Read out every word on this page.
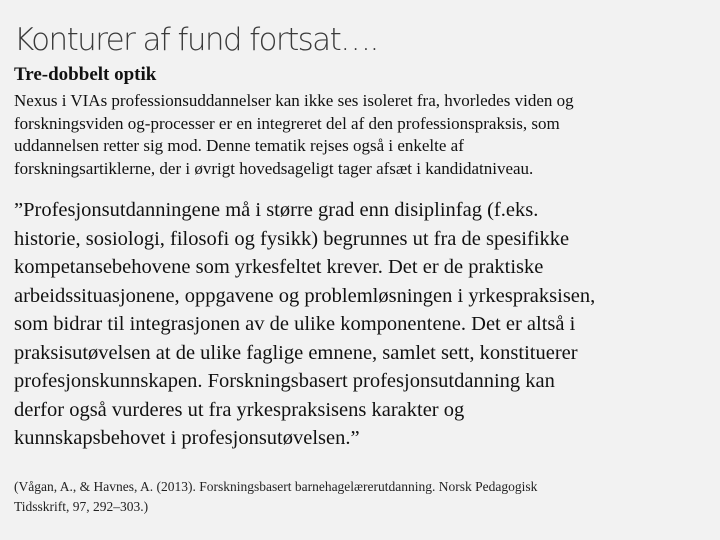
Konturer af fund fortsat….
Tre-dobbelt optik
Nexus i VIAs professionsuddannelser kan ikke ses isoleret fra, hvorledes viden og
forskningsviden og-processer er en integreret del af den professionspraksis, som
uddannelsen retter sig mod. Denne tematik rejses også i enkelte af
forskningsartiklerne, der i øvrigt hovedsageligt tager afsæt i kandidatniveau.
”Profesjonsutdanningene må i større grad enn disiplinfag (f.eks.
historie, sosiologi, filosofi og fysikk) begrunnes ut fra de spesifikke
kompetansebehovene som yrkesfeltet krever. Det er de praktiske
arbeidssituasjonene, oppgavene og problemløsningen i yrkespraksisen,
som bidrar til integrasjonen av de ulike komponentene. Det er altså i
praksisutøvelsen at de ulike faglige emnene, samlet sett, konstituerer
profesjonskunnskapen. Forskningsbasert profesjonsutdanning kan
derfor også vurderes ut fra yrkespraksisens karakter og
kunnskapsbehovet i profesjonsutøvelsen.”
(Vågan, A., & Havnes, A. (2013). Forskningsbasert barnehagelærerutdanning. Norsk Pedagogisk
Tidsskrift, 97, 292–303.)
